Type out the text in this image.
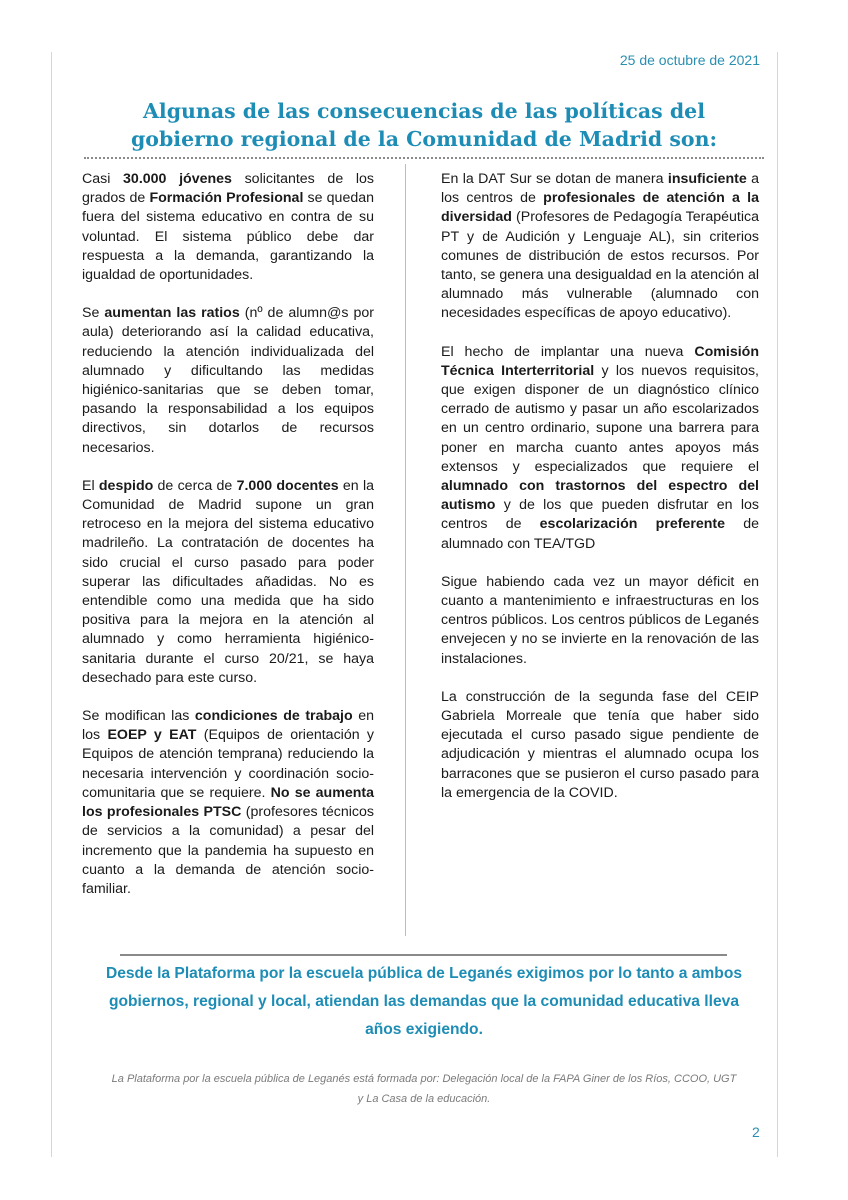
25 de octubre de 2021
Algunas de las consecuencias de las políticas del gobierno regional de la Comunidad de Madrid son:

Casi 30.000 jóvenes solicitantes de los grados de Formación Profesional se quedan fuera del sistema educativo en contra de su voluntad. El sistema público debe dar respuesta a la demanda, garantizando la igualdad de oportunidades.

Se aumentan las ratios (nº de alumn@s por aula) deteriorando así la calidad educativa, reduciendo la atención individualizada del alumnado y dificultando las medidas higiénico-sanitarias que se deben tomar, pasando la responsabilidad a los equipos directivos, sin dotarlos de recursos necesarios.

El despido de cerca de 7.000 docentes en la Comunidad de Madrid supone un gran retroceso en la mejora del sistema educativo madrileño. La contratación de docentes ha sido crucial el curso pasado para poder superar las dificultades añadidas. No es entendible como una medida que ha sido positiva para la mejora en la atención al alumnado y como herramienta higiénico-sanitaria durante el curso 20/21, se haya desechado para este curso.

Se modifican las condiciones de trabajo en los EOEP y EAT (Equipos de orientación y Equipos de atención temprana) reduciendo la necesaria intervención y coordinación socio-comunitaria que se requiere. No se aumenta los profesionales PTSC (profesores técnicos de servicios a la comunidad) a pesar del incremento que la pandemia ha supuesto en cuanto a la demanda de atención socio-familiar.

En la DAT Sur se dotan de manera insuficiente a los centros de profesionales de atención a la diversidad (Profesores de Pedagogía Terapéutica PT y de Audición y Lenguaje AL), sin criterios comunes de distribución de estos recursos. Por tanto, se genera una desigualdad en la atención al alumnado más vulnerable (alumnado con necesidades específicas de apoyo educativo).

El hecho de implantar una nueva Comisión Técnica Interterritorial y los nuevos requisitos, que exigen disponer de un diagnóstico clínico cerrado de autismo y pasar un año escolarizados en un centro ordinario, supone una barrera para poner en marcha cuanto antes apoyos más extensos y especializados que requiere el alumnado con trastornos del espectro del autismo y de los que pueden disfrutar en los centros de escolarización preferente de alumnado con TEA/TGD

Sigue habiendo cada vez un mayor déficit en cuanto a mantenimiento e infraestructuras en los centros públicos. Los centros públicos de Leganés envejecen y no se invierte en la renovación de las instalaciones.

La construcción de la segunda fase del CEIP Gabriela Morreale que tenía que haber sido ejecutada el curso pasado sigue pendiente de adjudicación y mientras el alumnado ocupa los barracones que se pusieron el curso pasado para la emergencia de la COVID.

Desde la Plataforma por la escuela pública de Leganés exigimos por lo tanto a ambos gobiernos, regional y local, atiendan las demandas que la comunidad educativa lleva años exigiendo.
La Plataforma por la escuela pública de Leganés está formada por: Delegación local de la FAPA Giner de los Ríos, CCOO, UGT y La Casa de la educación.
2
